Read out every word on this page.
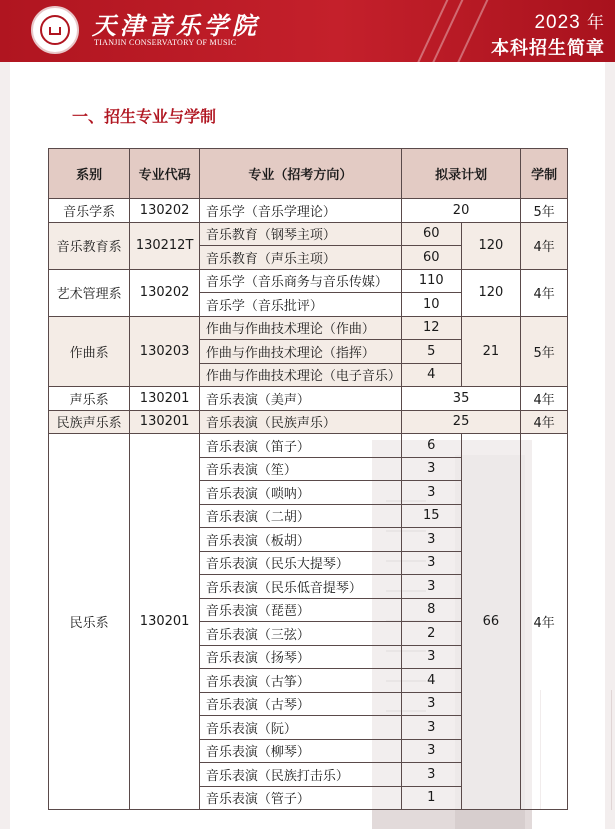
天津音乐学院
TIANJIN CONSERVATORY OF MUSIC
2023 年
本科招生简章
一、招生专业与学制
系别	专业代码	专业（招考方向）	拟录计划		学制
音乐学系	130202	音乐学（音乐学理论）	20		5年
音乐教育系	130212T	音乐教育（钢琴主项）	60	120	4年
		音乐教育（声乐主项）	60		
艺术管理系	130202	音乐学（音乐商务与音乐传媒）	110	120	4年
		音乐学（音乐批评）	10		
作曲系	130203	作曲与作曲技术理论（作曲）	12	21	5年
		作曲与作曲技术理论（指挥）	5		
		作曲与作曲技术理论（电子音乐）	4		
声乐系	130201	音乐表演（美声）	35		4年
民族声乐系	130201	音乐表演（民族声乐）	25		4年
民乐系	130201	音乐表演（笛子）	6	66	4年
		音乐表演（笙）	3		
		音乐表演（唢呐）	3		
		音乐表演（二胡）	15		
		音乐表演（板胡）	3		
		音乐表演（民乐大提琴）	3		
		音乐表演（民乐低音提琴）	3		
		音乐表演（琵琶）	8		
		音乐表演（三弦）	2		
		音乐表演（扬琴）	3		
		音乐表演（古筝）	4		
		音乐表演（古琴）	3		
		音乐表演（阮）	3		
		音乐表演（柳琴）	3		
		音乐表演（民族打击乐）	3		
		音乐表演（管子）	1		
